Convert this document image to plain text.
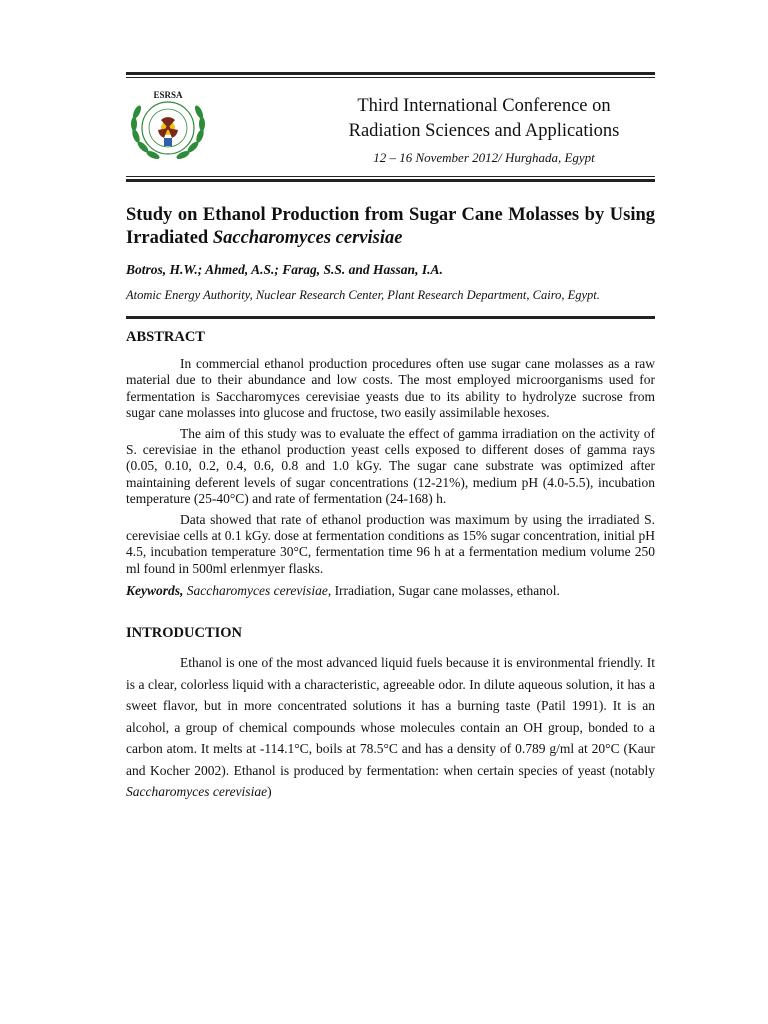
ESRSA
Third International Conference on
Radiation Sciences and Applications
12 – 16 November 2012/ Hurghada, Egypt
Study on Ethanol Production from Sugar Cane Molasses by Using Irradiated Saccharomyces cervisiae
Botros, H.W.; Ahmed, A.S.; Farag, S.S. and Hassan, I.A.
Atomic Energy Authority, Nuclear Research Center, Plant Research Department, Cairo, Egypt.
ABSTRACT

In commercial ethanol production procedures often use sugar cane molasses as a raw material due to their abundance and low costs. The most employed microorganisms used for fermentation is Saccharomyces cerevisiae yeasts due to its ability to hydrolyze sucrose from sugar cane molasses into glucose and fructose, two easily assimilable hexoses.

The aim of this study was to evaluate the effect of gamma irradiation on the activity of S. cerevisiae in the ethanol production yeast cells exposed to different doses of gamma rays (0.05, 0.10, 0.2, 0.4, 0.6, 0.8 and 1.0 kGy. The sugar cane substrate was optimized after maintaining deferent levels of sugar concentrations (12-21%), medium pH (4.0-5.5), incubation temperature (25-40°C) and rate of fermentation (24-168) h.

Data showed that rate of ethanol production was maximum by using the irradiated S. cerevisiae cells at 0.1 kGy. dose at fermentation conditions as 15% sugar concentration, initial pH 4.5, incubation temperature 30°C, fermentation time 96 h at a fermentation medium volume 250 ml found in 500ml erlenmyer flasks.

Keywords, Saccharomyces cerevisiae, Irradiation, Sugar cane molasses, ethanol.
INTRODUCTION

Ethanol is one of the most advanced liquid fuels because it is environmental friendly. It is a clear, colorless liquid with a characteristic, agreeable odor. In dilute aqueous solution, it has a sweet flavor, but in more concentrated solutions it has a burning taste (Patil 1991). It is an alcohol, a group of chemical compounds whose molecules contain an OH group, bonded to a carbon atom. It melts at -114.1°C, boils at 78.5°C and has a density of 0.789 g/ml at 20°C (Kaur and Kocher 2002). Ethanol is produced by fermentation: when certain species of yeast (notably Saccharomyces cerevisiae)
